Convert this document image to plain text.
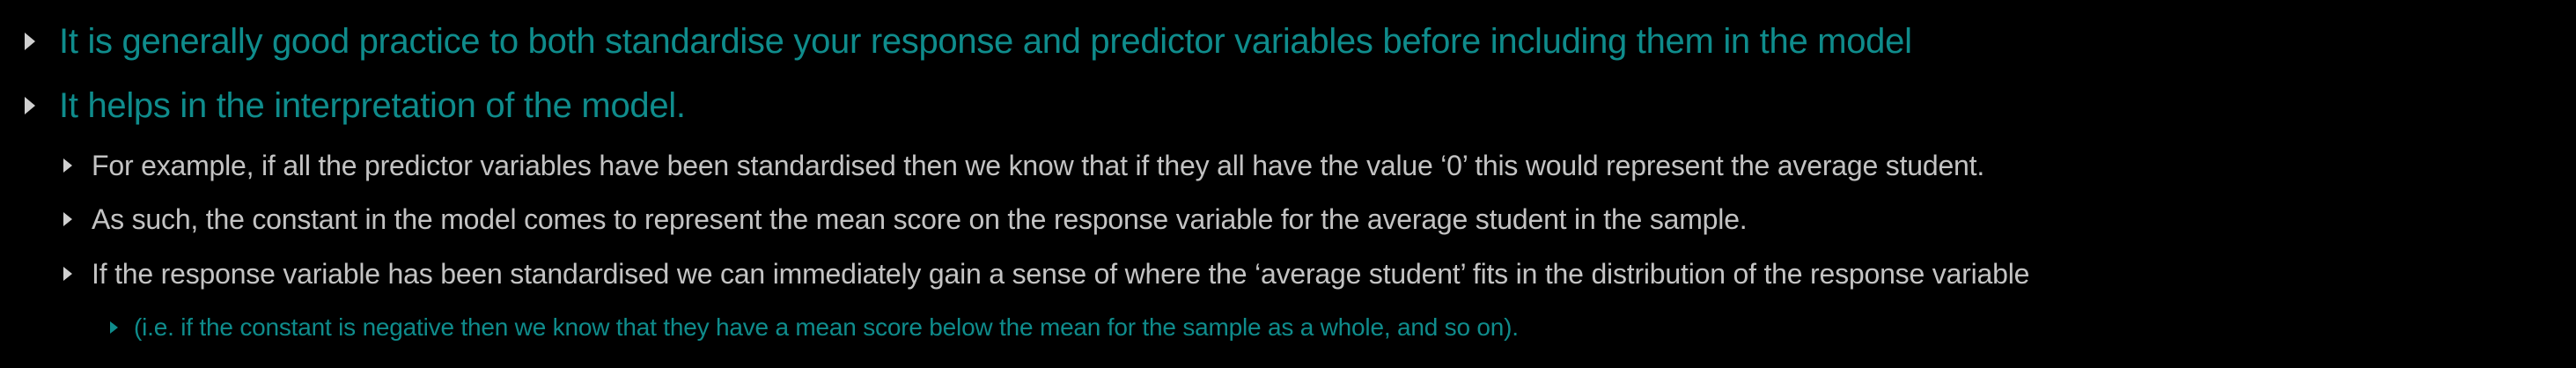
It is generally good practice to both standardise your response and predictor variables before including them in the model
It helps in the interpretation of the model.
For example, if all the predictor variables have been standardised then we know that if they all have the value ‘0’ this would represent the average student.
As such, the constant in the model comes to represent the mean score on the response variable for the average student in the sample.
If the response variable has been standardised we can immediately gain a sense of where the ‘average student’ fits in the distribution of the response variable
(i.e. if the constant is negative then we know that they have a mean score below the mean for the sample as a whole, and so on).
